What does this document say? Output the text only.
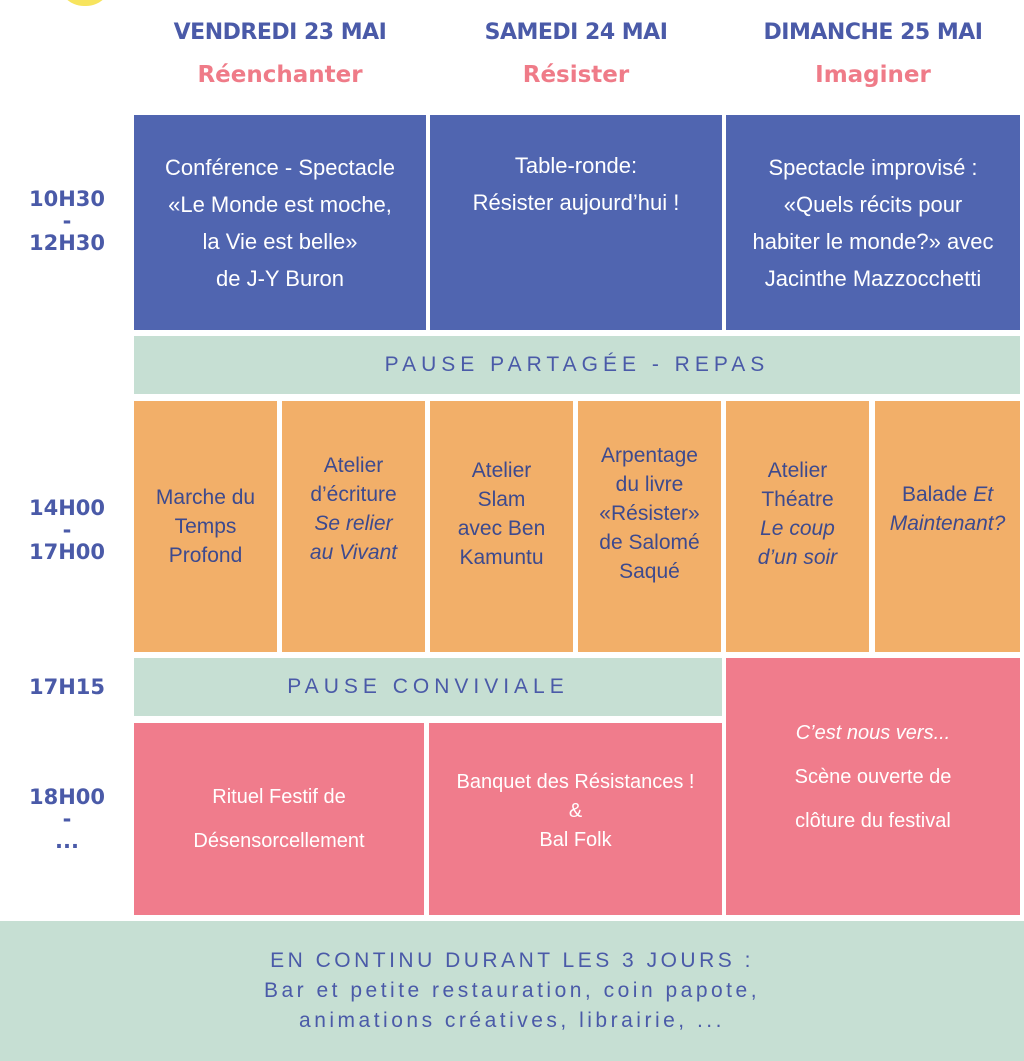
VENDREDI 23 MAI
Réenchanter
SAMEDI 24 MAI
Résister
DIMANCHE 25 MAI
Imaginer
10H30
-
12H30
14H00
-
17H00
17H15
18H00
-
...
Conférence - Spectacle
«Le Monde est moche,
la Vie est belle»
de J-Y Buron
Table-ronde:
Résister aujourd’hui !
Spectacle improvisé :
«Quels récits pour
habiter le monde?» avec
Jacinthe Mazzocchetti
PAUSE PARTAGÉE - REPAS
Marche du
Temps
Profond
Atelier
d’écriture
Se relier
au Vivant
Atelier
Slam
avec Ben
Kamuntu
Arpentage
du livre
«Résister»
de Salomé
Saqué
Atelier
Théatre
Le coup
d’un soir
Balade Et
Maintenant?
PAUSE CONVIVIALE
Rituel Festif de
Désensorcellement
Banquet des Résistances !
&
Bal Folk
C’est nous vers...
Scène ouverte de
clôture du festival
EN CONTINU DURANT LES 3 JOURS :
Bar et petite restauration, coin papote,
animations créatives, librairie, ...
